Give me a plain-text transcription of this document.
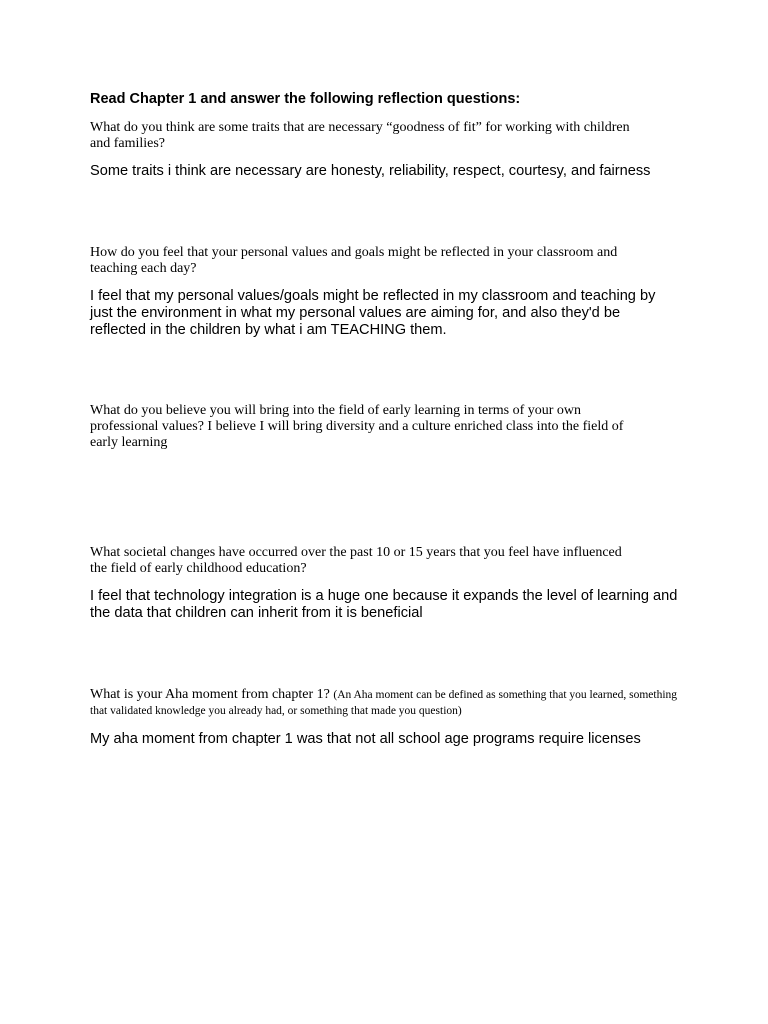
Read Chapter 1 and answer the following reflection questions:

What do you think are some traits that are necessary “goodness of fit” for working with children
and families?

Some traits i think are necessary are honesty, reliability, respect, courtesy, and fairness

How do you feel that your personal values and goals might be reflected in your classroom and
teaching each day?

I feel that my personal values/goals might be reflected in my classroom and teaching by just the environment in what my personal values are aiming for, and also they'd be reflected in the children by what i am TEACHING them.

What do you believe you will bring into the field of early learning in terms of your own
professional values? I believe I will bring diversity and a culture enriched class into the field of
early learning

What societal changes have occurred over the past 10 or 15 years that you feel have influenced
the field of early childhood education?

I feel that technology integration is a huge one because it expands the level of learning and the data that children can inherit from it is beneficial

What is your Aha moment from chapter 1? (An Aha moment can be defined as something that you learned, something that validated knowledge you already had, or something that made you question)

My aha moment from chapter 1 was that not all school age programs require licenses
